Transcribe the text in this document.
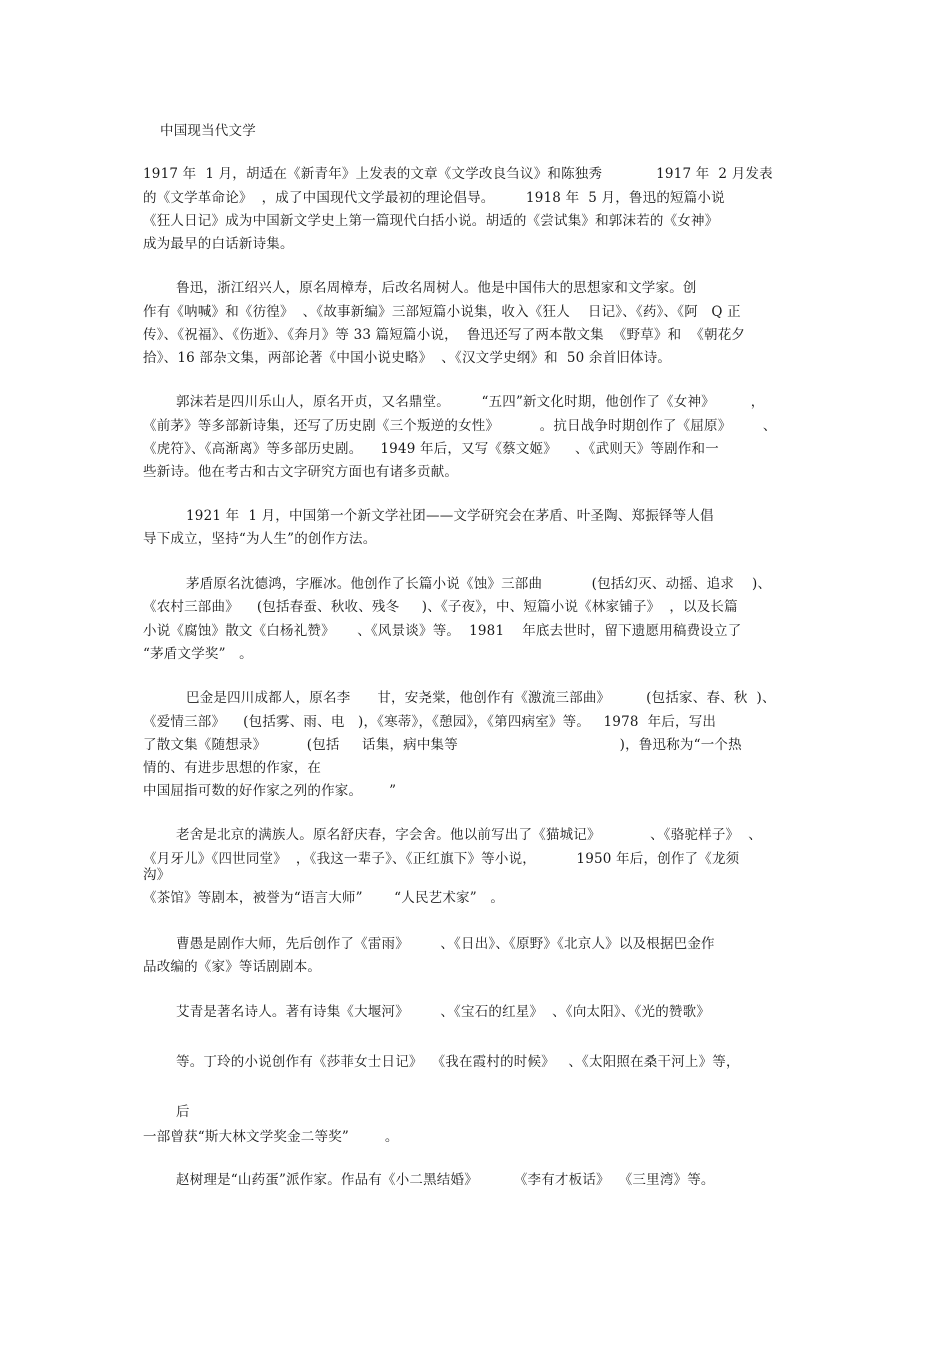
中国现当代文学
1917 年  1 月，胡适在《新青年》上发表的文章《文学改良刍议》和陈独秀            1917 年  2 月发表
的《文学革命论》  ，成了中国现代文学最初的理论倡导。       1918 年  5 月，鲁迅的短篇小说
《狂人日记》成为中国新文学史上第一篇现代白括小说。胡适的《尝试集》和郭沫若的《女神》
成为最早的白话新诗集。
鲁迅，浙江绍兴人，原名周樟寿，后改名周树人。他是中国伟大的思想家和文学家。创
作有《呐喊》和《彷徨》  、《故事新编》三部短篇小说集，收入《狂人    日记》、《药》、《阿   Q 正
传》、《祝福》、《伤逝》、《奔月》等 33 篇短篇小说，  鲁迅还写了两本散文集  《野草》和  《朝花夕
拾》、16 部杂文集，两部论著《中国小说史略》  、《汉文学史纲》和  50 余首旧体诗。
郭沫若是四川乐山人，原名开贞，又名鼎堂。       “五四”新文化时期，他创作了《女神》        ，
《前茅》等多部新诗集，还写了历史剧《三个叛逆的女性》         。抗日战争时期创作了《屈原》       、
《虎符》、《高渐离》等多部历史剧。    1949 年后，又写《蔡文姬》    、《武则天》等剧作和一
些新诗。他在考古和古文字研究方面也有诸多贡献。
1921 年  1 月，中国第一个新文学社团——文学研究会在茅盾、叶圣陶、郑振铎等人倡
导下成立，坚持“为人生”的创作方法。
茅盾原名沈德鸿，字雁冰。他创作了长篇小说《蚀》三部曲           (包括幻灭、动摇、追求    )、
《农村三部曲》    (包括春蚕、秋收、残冬     )、《子夜》，中、短篇小说《林家铺子》  ，以及长篇
小说《腐蚀》散文《白杨礼赞》     、《风景谈》等。  1981    年底去世时，留下遗愿用稿费设立了
“茅盾文学奖”   。
巴金是四川成都人，原名李      甘，安尧棠，他创作有《激流三部曲》        (包括家、春、秋  )、
《爱情三部》    (包括雾、雨、电   )，《寒蒂》，《憩园》，《第四病室》等。   1978  年后，写出
了散文集《随想录》         (包括     话集，病中集等                                    )，鲁迅称为“一个热
情的、有进步思想的作家，在
中国屈指可数的好作家之列的作家。      ”
老舍是北京的满族人。原名舒庆春，字会舍。他以前写出了《猫城记》           、《骆驼样子》  、
《月牙儿》《四世同堂》  ，《我这一辈子》、《正红旗下》等小说，         1950 年后，创作了《龙须
沟》
《茶馆》等剧本，被誉为“语言大师”       “人民艺术家”   。
曹愚是剧作大师，先后创作了《雷雨》       、《日出》、《原野》《北京人》以及根据巴金作
品改编的《家》等话剧剧本。
艾青是著名诗人。著有诗集《大堰河》       、《宝石的红星》  、《向太阳》、《光的赞歌》
等。丁玲的小说创作有《莎菲女士日记》  《我在霞村的时候》   、《太阳照在桑干河上》等，
后
一部曾获“斯大林文学奖金二等奖”        。
赵树理是“山药蛋”派作家。作品有《小二黑结婚》        《李有才板话》  《三里湾》等。
